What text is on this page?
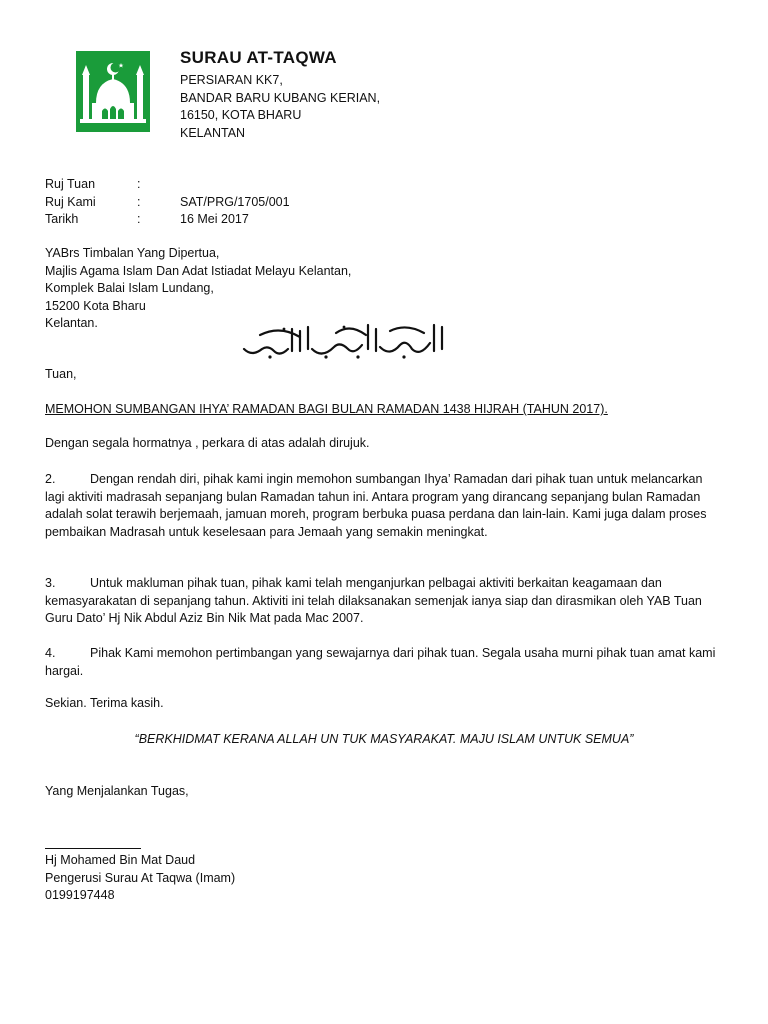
SURAU AT-TAQWA
PERSIARAN KK7,
BANDAR BARU KUBANG KERIAN,
16150, KOTA BHARU
KELANTAN
Ruj Tuan	:
Ruj Kami	:	SAT/PRG/1705/001
Tarikh	:	16 Mei 2017
YABrs Timbalan Yang Dipertua,
Majlis Agama Islam Dan Adat Istiadat Melayu Kelantan,
Komplek Balai Islam Lundang,
15200 Kota Bharu
Kelantan.
Tuan,
MEMOHON SUMBANGAN IHYA’ RAMADAN BAGI BULAN RAMADAN 1438 HIJRAH (TAHUN 2017).
Dengan segala hormatnya , perkara di atas adalah dirujuk.
2.	Dengan rendah diri, pihak kami ingin memohon sumbangan Ihya’ Ramadan dari pihak tuan untuk melancarkan
lagi aktiviti madrasah sepanjang bulan Ramadan tahun ini. Antara program yang dirancang sepanjang bulan Ramadan
adalah solat terawih berjemaah, jamuan moreh, program berbuka puasa perdana dan lain-lain. Kami juga dalam proses
pembaikan Madrasah untuk keselesaan para Jemaah yang semakin meningkat.
3.	Untuk makluman pihak tuan, pihak kami telah menganjurkan pelbagai aktiviti berkaitan keagamaan dan
kemasyarakatan di sepanjang tahun. Aktiviti ini telah dilaksanakan semenjak ianya siap dan dirasmikan oleh YAB Tuan
Guru Dato’ Hj Nik Abdul Aziz Bin Nik Mat pada Mac 2007.
4.	Pihak Kami memohon pertimbangan yang sewajarnya dari pihak tuan. Segala usaha murni pihak tuan amat kami
hargai.
Sekian. Terima kasih.
“BERKHIDMAT KERANA ALLAH UN TUK MASYARAKAT. MAJU ISLAM UNTUK SEMUA”
Yang Menjalankan Tugas,
Hj Mohamed Bin Mat Daud
Pengerusi Surau At Taqwa (Imam)
0199197448
